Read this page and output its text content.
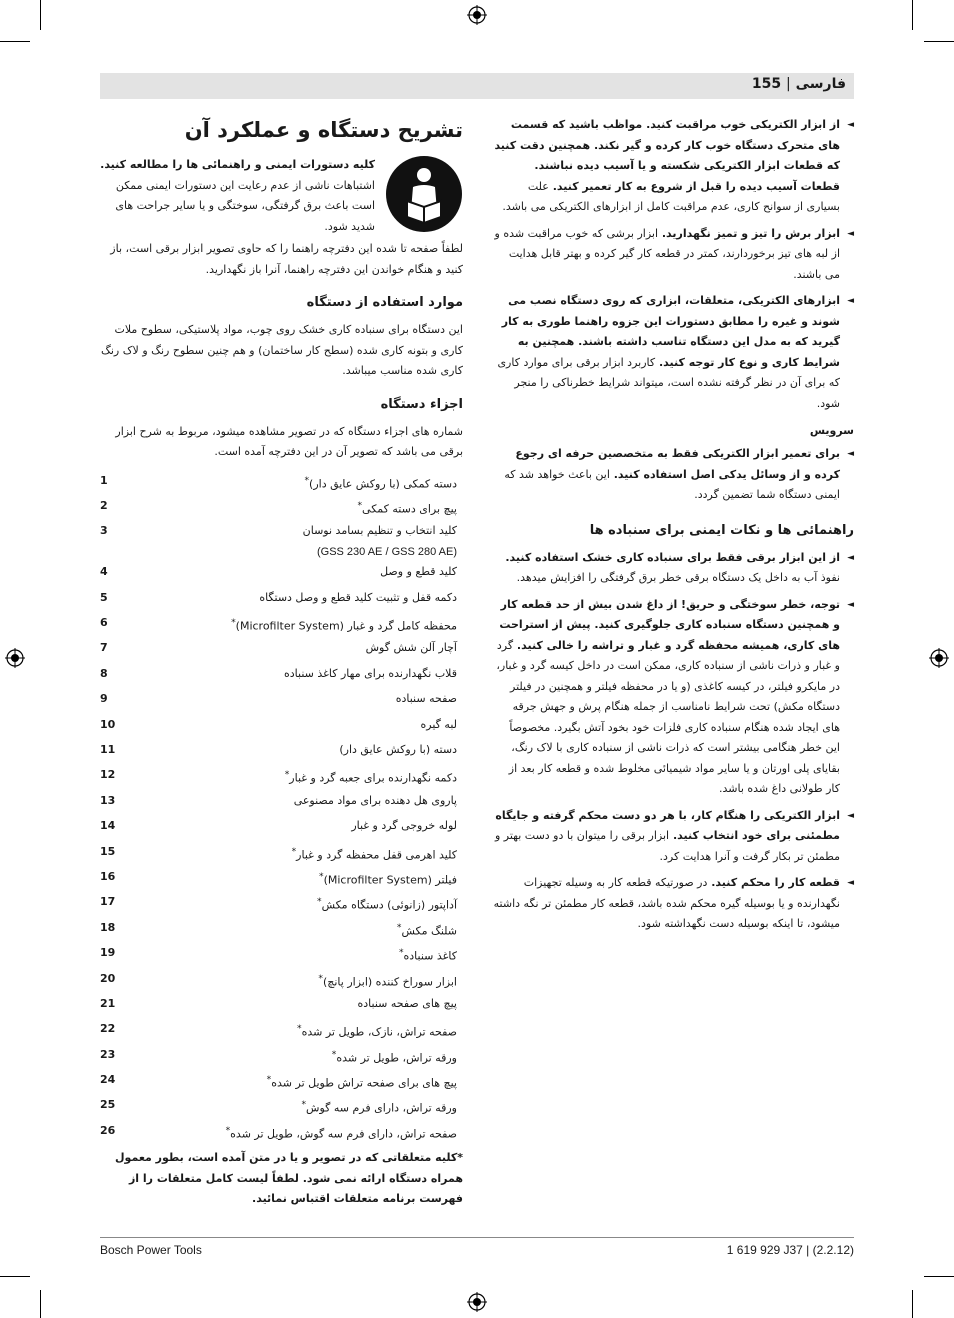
فارسی | 155
◄
از ابزار الکتریکی خوب مراقبت کنید. مواظب باشید که قسمت های متحرک دستگاه خوب کار کرده و گیر نکند. همچنین دقت کنید که قطعات ابزار الکتریکی شکسته و یا آسیب دیده نباشند. قطعات آسیب دیده را قبل از شروع به کار تعمیر کنید. علت بسیاری از سوانح کاری، عدم مراقبت کامل از ابزارهای الکتریکی می باشد.
◄
ابزار برش را تیز و تمیز نگهدارید. ابزار برشی که خوب مراقبت شده و از لبه های تیز برخوردارند، کمتر در قطعه کار گیر کرده و بهتر قابل هدایت می باشند.
◄
ابزارهای الکتریکی، متعلقات، ابزاری که روی دستگاه نصب می شوند و غیره را مطابق دستورات این جزوه راهنما طوری به کار گیرید که به مدل این دستگاه تناسب داشته باشند. همچنین به شرایط کاری و نوع کار توجه کنید. کاربرد ابزار برقی برای موارد کاری که برای آن در نظر گرفته نشده است، میتواند شرایط خطرناکی را منجر شود.
سرویس
◄
برای تعمیر ابزار الکتریکی فقط به متخصصین حرفه ای رجوع کرده و از وسائل یدکی اصل استفاده کنید. این باعث خواهد شد که ایمنی دستگاه شما تضمین گردد.
راهنمائی ها و نکات ایمنی برای سنباده ها
◄
از این ابزار برقی فقط برای سنباده کاری خشک استفاده کنید. نفوذ آب به داخل یک دستگاه برقی خطر برق گرفتگی را افزایش میدهد.
◄
توجه، خطر سوختگی و حریق! از داغ شدن بیش از حد قطعه کار و همچنین دستگاه سنباده کاری جلوگیری کنید. پیش از استراحت های کاری، همیشه محفظه گرد و غبار و تراشه را خالی کنید. گرد و غبار و ذرات ناشی از سنباده کاری، ممکن است در داخل کیسه گرد و غبار، در مایکرو فیلتر، در کیسه کاغذی (و یا در محفظه فیلتر و همچنین در فیلتر دستگاه مکش) تحت شرایط نامناسب از جمله هنگام پرش و جهش جرقه های ایجاد شده هنگام سنباده کاری فلزات خود بخود آتش بگیرد. مخصوصاً این خطر هنگامی بیشتر است که ذرات ناشی از سنباده کاری با لاک رنگ، بقایای پلی اورتان و یا سایر مواد شیمیائی مخلوط شده و قطعه کار بعد از کار طولانی داغ شده باشد.
◄
ابزار الکتریکی را هنگام کار، با هر دو دست محکم گرفته و جایگاه مطمئنی برای خود انتخاب کنید. ابزار برقی را میتوان با دو دست بهتر و مطمئن تر بکار گرفت و آنرا هدایت کرد.
◄
قطعه کار را محکم کنید. در صورتیکه قطعه کار به وسیله تجهیزات نگهدارنده و یا بوسیله گیره محکم شده باشد، قطعه کار مطمئن تر نگه داشته میشود، تا اینکه بوسیله دست نگهداشته شود.
تشریح دستگاه و عملکرد آن
کلیه دستورات ایمنی و راهنمائی ها را مطالعه کنید. اشتباهات ناشی از عدم رعایت این دستورات ایمنی ممکن است باعث برق گرفتگی، سوختگی و یا سایر جراحت های شدید شود.

لطفاً صفحه تا شده این دفترچه راهنما را که حاوی تصویر ابزار برقی است، باز کنید و هنگام خواندن این دفترچه راهنما، آنرا باز نگهدارید.

موارد استفاده از دستگاه

این دستگاه برای سنباده کاری خشک روی چوب، مواد پلاستیکی، سطوح ملات کاری و بتونه کاری شده (سطح کار ساختمان) و هم چنین سطوح رنگ و لاک رنگ کاری شده مناسب میباشد.

اجزاء دستگاه

شماره های اجزاء دستگاه که در تصویر مشاهده میشود، مربوط به شرح ابزار برقی می باشد که تصویر آن در این دفترچه آمده است.

دسته کمکی (با روکش عایق دار)*
1
پیچ برای دسته کمکی*
2
کلید انتخاب و تنظیم بسامد نوسان
(GSS 230 AE / GSS 280 AE)
3
کلید قطع و وصل
4
دکمه قفل و تثبیت کلید قطع و وصل دستگاه
5
محفظه کامل گرد و غبار (Microfilter System)*
6
آچار آلن شش گوش
7
قلاب نگهدارنده برای مهار کاغذ سنباده
8
صفحه سنباده
9
لبه گیره
10
دسته (با روکش عایق دار)
11
دکمه نگهدارنده برای جعبه گرد و غبار*
12
پاروی هل دهنده برای مواد مصنوعی
13
لوله خروجی گرد و غبار
14
کلید اهرمی قفل محفظه گرد و غبار*
15
فیلتر (Microfilter System)*
16
آداپتور (زانوئی) دستگاه مکش*
17
شلنگ مکش*
18
کاغذ سنباده*
19
ابزار سوراخ کننده (ابزار پانچ)*
20
پیچ های صفحه سنباده
21
صفحه تراش، نازک، طویل تر شده*
22
ورقه تراش، طویل تر شده*
23
پیچ های برای صفحه تراش طویل تر شده*
24
ورقه تراش، دارای فرم سه گوش*
25
صفحه تراش، دارای فرم سه گوش، طویل تر شده*
26

*کلیه متعلقاتی که در تصویر و یا در متن آمده است، بطور معمول همراه دستگاه ارائه نمی شود. لطفاً لیست کامل متعلقات را از فهرست برنامه متعلقات اقتباس نمائید.

Bosch Power Tools	1 619 929 J37 | (2.2.12)
